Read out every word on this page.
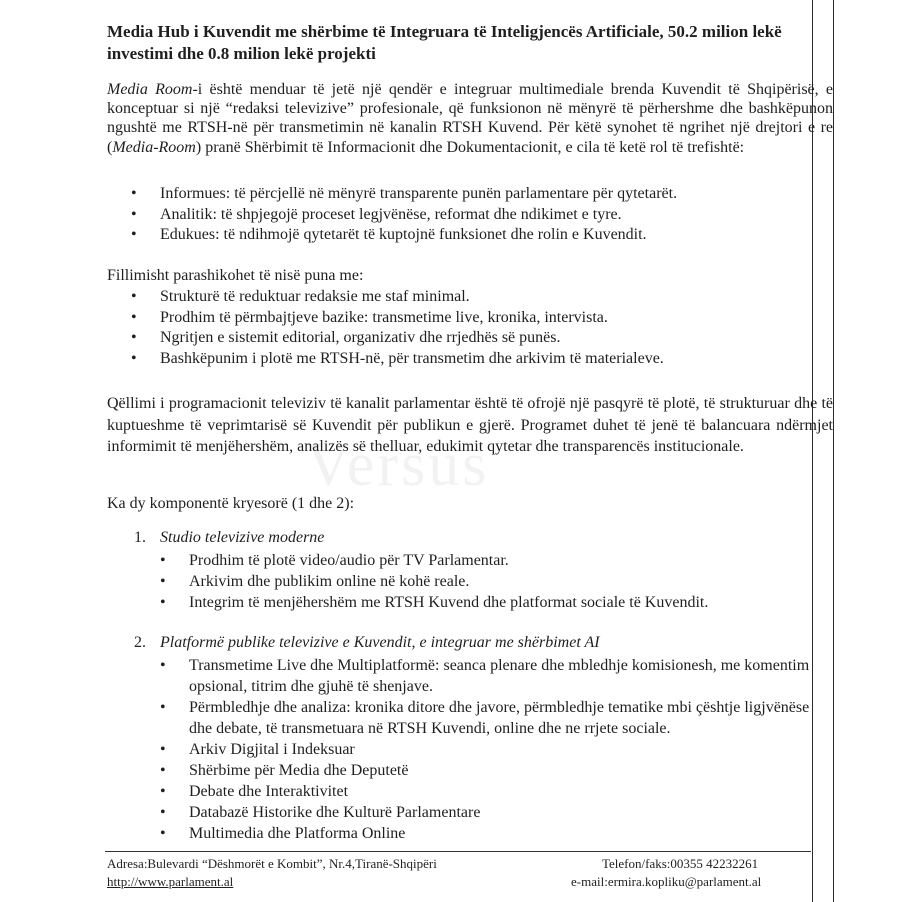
Versus
Media Hub i Kuvendit me shërbime të Integruara të Inteligjencës Artificiale, 50.2 milion lekë investimi dhe 0.8 milion lekë projekti

Media Room-i është menduar të jetë një qendër e integruar multimediale brenda Kuvendit të Shqipërisë, e konceptuar si një “redaksi televizive” profesionale, që funksionon në mënyrë të përhershme dhe bashkëpunon ngushtë me RTSH-në për transmetimin në kanalin RTSH Kuvend. Për këtë synohet të ngrihet një drejtori e re (Media-Room) pranë Shërbimit të Informacionit dhe Dokumentacionit, e cila të ketë rol të trefishtë:

• Informues: të përcjellë në mënyrë transparente punën parlamentare për qytetarët.
• Analitik: të shpjegojë proceset legjvënëse, reformat dhe ndikimet e tyre.
• Edukues: të ndihmojë qytetarët të kuptojnë funksionet dhe rolin e Kuvendit.

Fillimisht parashikohet të nisë puna me:

• Strukturë të reduktuar redaksie me staf minimal.
• Prodhim të përmbajtjeve bazike: transmetime live, kronika, intervista.
• Ngritjen e sistemit editorial, organizativ dhe rrjedhës së punës.
• Bashkëpunim i plotë me RTSH-në, për transmetim dhe arkivim të materialeve.

Qëllimi i programacionit televiziv të kanalit parlamentar është të ofrojë një pasqyrë të plotë, të strukturuar dhe të kuptueshme të veprimtarisë së Kuvendit për publikun e gjerë. Programet duhet të jenë të balancuara ndërmjet informimit të menjëhershëm, analizës së thelluar, edukimit qytetar dhe transparencës institucionale.

Ka dy komponentë kryesorë (1 dhe 2):

1. Studio televizive moderne

• Prodhim të plotë video/audio për TV Parlamentar.
• Arkivim dhe publikim online në kohë reale.
• Integrim të menjëhershëm me RTSH Kuvend dhe platformat sociale të Kuvendit.

2. Platformë publike televizive e Kuvendit, e integruar me shërbimet AI

• Transmetime Live dhe Multiplatformë: seanca plenare dhe mbledhje komisionesh, me komentim opsional, titrim dhe gjuhë të shenjave.
• Përmbledhje dhe analiza: kronika ditore dhe javore, përmbledhje tematike mbi çështje ligjvënëse dhe debate, të transmetuara në RTSH Kuvendi, online dhe ne rrjete sociale.
• Arkiv Digjital i Indeksuar
• Shërbime për Media dhe Deputetë
• Debate dhe Interaktivitet
• Databazë Historike dhe Kulturë Parlamentare
• Multimedia dhe Platforma Online
Adresa:Bulevardi “Dëshmorët e Kombit”, Nr.4,Tiranë-Shqipëri
http://www.parlament.al
Telefon/faks:00355 42232261
e-mail:ermira.kopliku@parlament.al
